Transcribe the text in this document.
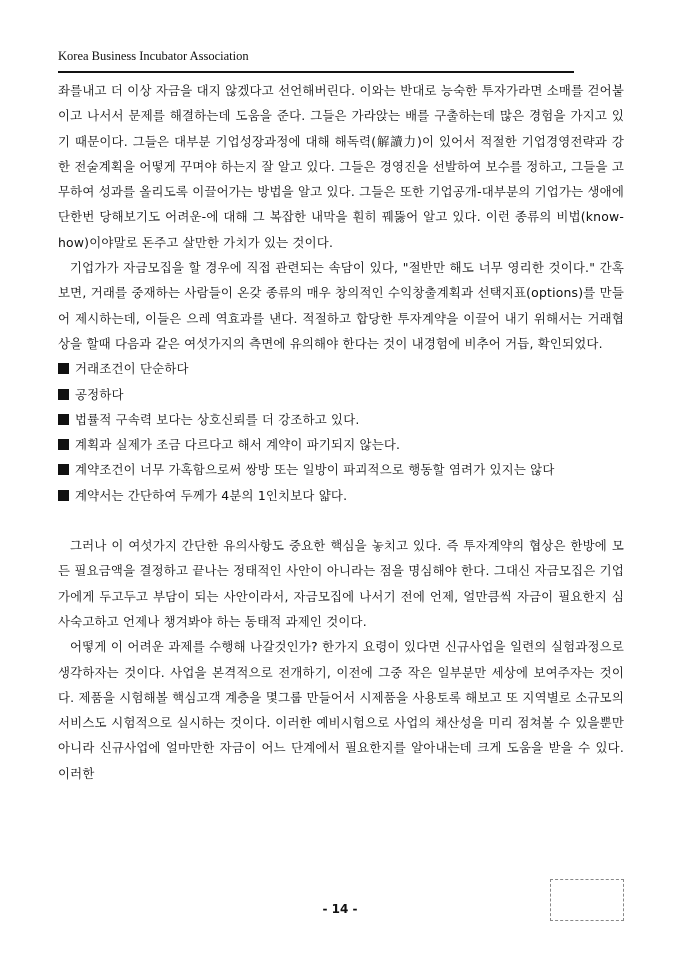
Korea Business Incubator Association

좌를내고 더 이상 자금을 대지 않겠다고 선언해버린다. 이와는 반대로 능숙한 투자가라면 소매를 걷어붙이고 나서서 문제를 해결하는데 도움을 준다. 그들은 가라앉는 배를 구출하는데 많은 경험을 가지고 있기 때문이다. 그들은 대부분 기업성장과정에 대해 해독력(解讀力)이 있어서 적절한 기업경영전략과 강한 전술계획을 어떻게 꾸며야 하는지 잘 알고 있다. 그들은 경영진을 선발하여 보수를 정하고, 그들을 고무하여 성과를 올리도록 이끌어가는 방법을 알고 있다. 그들은 또한 기업공개-대부분의 기업가는 생애에 단한번 당해보기도 어려운-에 대해 그 복잡한 내막을 훤히 꿰뚫어 알고 있다. 이런 종류의 비법(know-how)이야말로 돈주고 살만한 가치가 있는 것이다.

기업가가 자금모집을 할 경우에 직접 관련되는 속담이 있다, "절반만 해도 너무 영리한 것이다." 간혹보면, 거래를 중재하는 사람들이 온갖 종류의 매우 창의적인 수익창출계획과 선택지표(options)를 만들어 제시하는데, 이들은 으레 역효과를 낸다. 적절하고 합당한 투자계약을 이끌어 내기 위해서는 거래협상을 할때 다음과 같은 여섯가지의 측면에 유의해야 한다는 것이 내경험에 비추어 거듭, 확인되었다.

거래조건이 단순하다

공정하다

법률적 구속력 보다는 상호신뢰를 더 강조하고 있다.

계획과 실제가 조금 다르다고 해서 계약이 파기되지 않는다.

계약조건이 너무 가혹함으로써 쌍방 또는 일방이 파괴적으로 행동할 염려가 있지는 않다

계약서는 간단하여 두께가 4분의 1인치보다 얇다.

그러나 이 여섯가지 간단한 유의사항도 중요한 핵심을 놓치고 있다. 즉 투자계약의 협상은 한방에 모든 필요금액을 결정하고 끝나는 정태적인 사안이 아니라는 점을 명심해야 한다. 그대신 자금모집은 기업가에게 두고두고 부담이 되는 사안이라서, 자금모집에 나서기 전에 언제, 얼만큼씩 자금이 필요한지 심사숙고하고 언제나 챙겨봐야 하는 동태적 과제인 것이다.

어떻게 이 어려운 과제를 수행해 나갈것인가? 한가지 요령이 있다면 신규사업을 일련의 실험과정으로 생각하자는 것이다. 사업을 본격적으로 전개하기, 이전에 그중 작은 일부분만 세상에 보여주자는 것이다. 제품을 시험해볼 핵심고객 계층을 몇그룹 만들어서 시제품을 사용토록 해보고 또 지역별로 소규모의 서비스도 시험적으로 실시하는 것이다. 이러한 예비시험으로 사업의 채산성을 미리 점쳐볼 수 있을뿐만 아니라 신규사업에 얼마만한 자금이 어느 단계에서 필요한지를 알아내는데 크게 도움을 받을 수 있다. 이러한

- 14 -
